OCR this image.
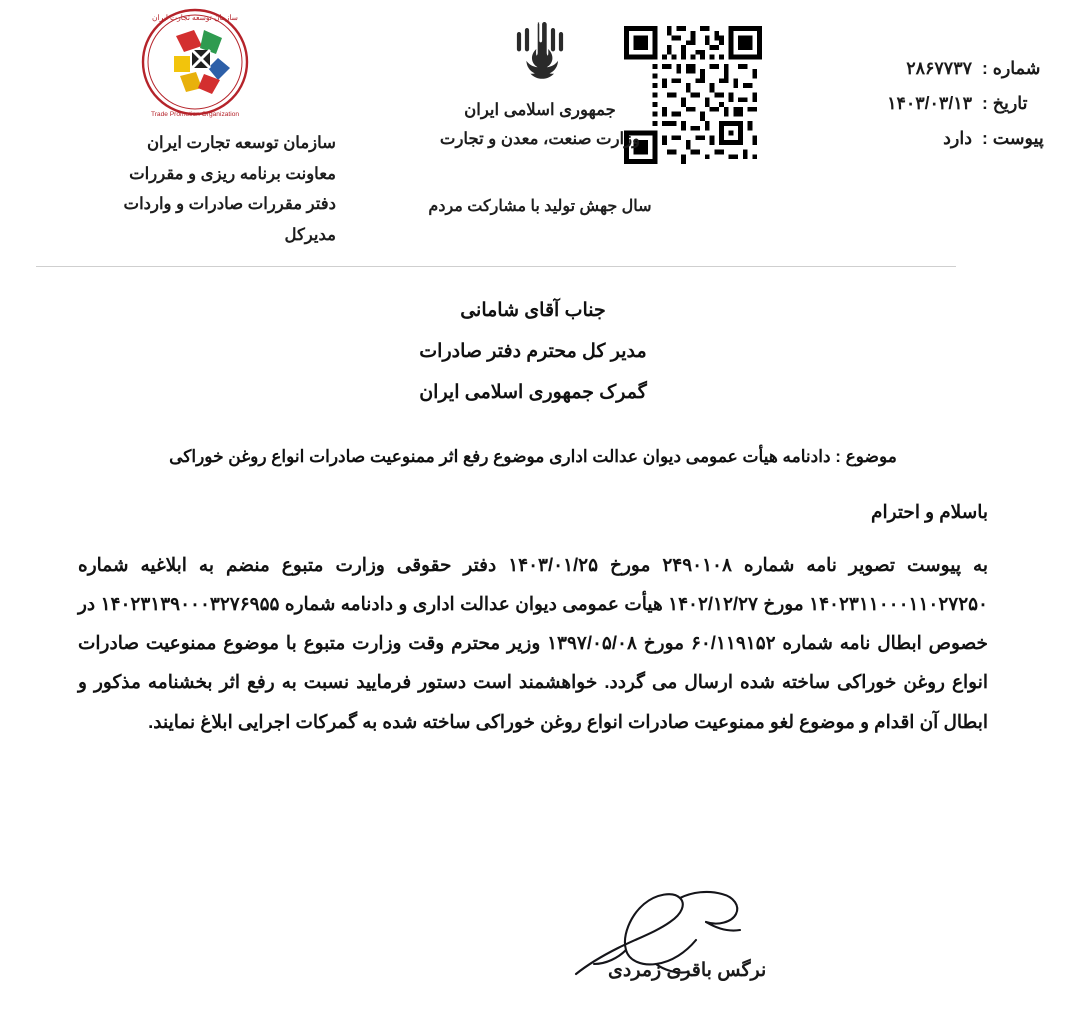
شماره :
۲۸۶۷۷۳۷
تاریخ :
۱۴۰۳/۰۳/۱۳
پیوست :
دارد
جمهوری اسلامی ایران
وزارت صنعت، معدن و تجارت
سال جهش تولید با مشارکت مردم
سازمان توسعه تجارت ایران
Trade Promotion Organization
سازمان توسعه تجارت ایران
معاونت برنامه ریزی و مقررات
دفتر مقررات صادرات و واردات
مدیرکل
جناب آقای شامانی
مدیر کل محترم دفتر صادرات
گمرک جمهوری اسلامی ایران
موضوع : دادنامه هیأت عمومی دیوان عدالت اداری موضوع رفع اثر ممنوعیت صادرات انواع روغن خوراکی
باسلام و احترام
به پیوست تصویر نامه شماره ۲۴۹۰۱۰۸ مورخ ۱۴۰۳/۰۱/۲۵ دفتر حقوقی وزارت متبوع منضم به ابلاغیه شماره ۱۴۰۲۳۱۱۰۰۰۱۱۰۲۷۲۵۰ مورخ ۱۴۰۲/۱۲/۲۷ هیأت عمومی دیوان عدالت اداری و دادنامه شماره ۱۴۰۲۳۱۳۹۰۰۰۳۲۷۶۹۵۵ در خصوص ابطال نامه شماره ۶۰/۱۱۹۱۵۲ مورخ ۱۳۹۷/۰۵/۰۸ وزیر محترم وقت وزارت متبوع با موضوع ممنوعیت صادرات انواع روغن خوراکی ساخته شده ارسال می گردد. خواهشمند است دستور فرمایید نسبت به رفع اثر بخشنامه مذکور و ابطال آن اقدام و موضوع لغو ممنوعیت صادرات انواع روغن خوراکی ساخته شده به گمرکات اجرایی ابلاغ نمایند.
نرگس باقری زمردی
